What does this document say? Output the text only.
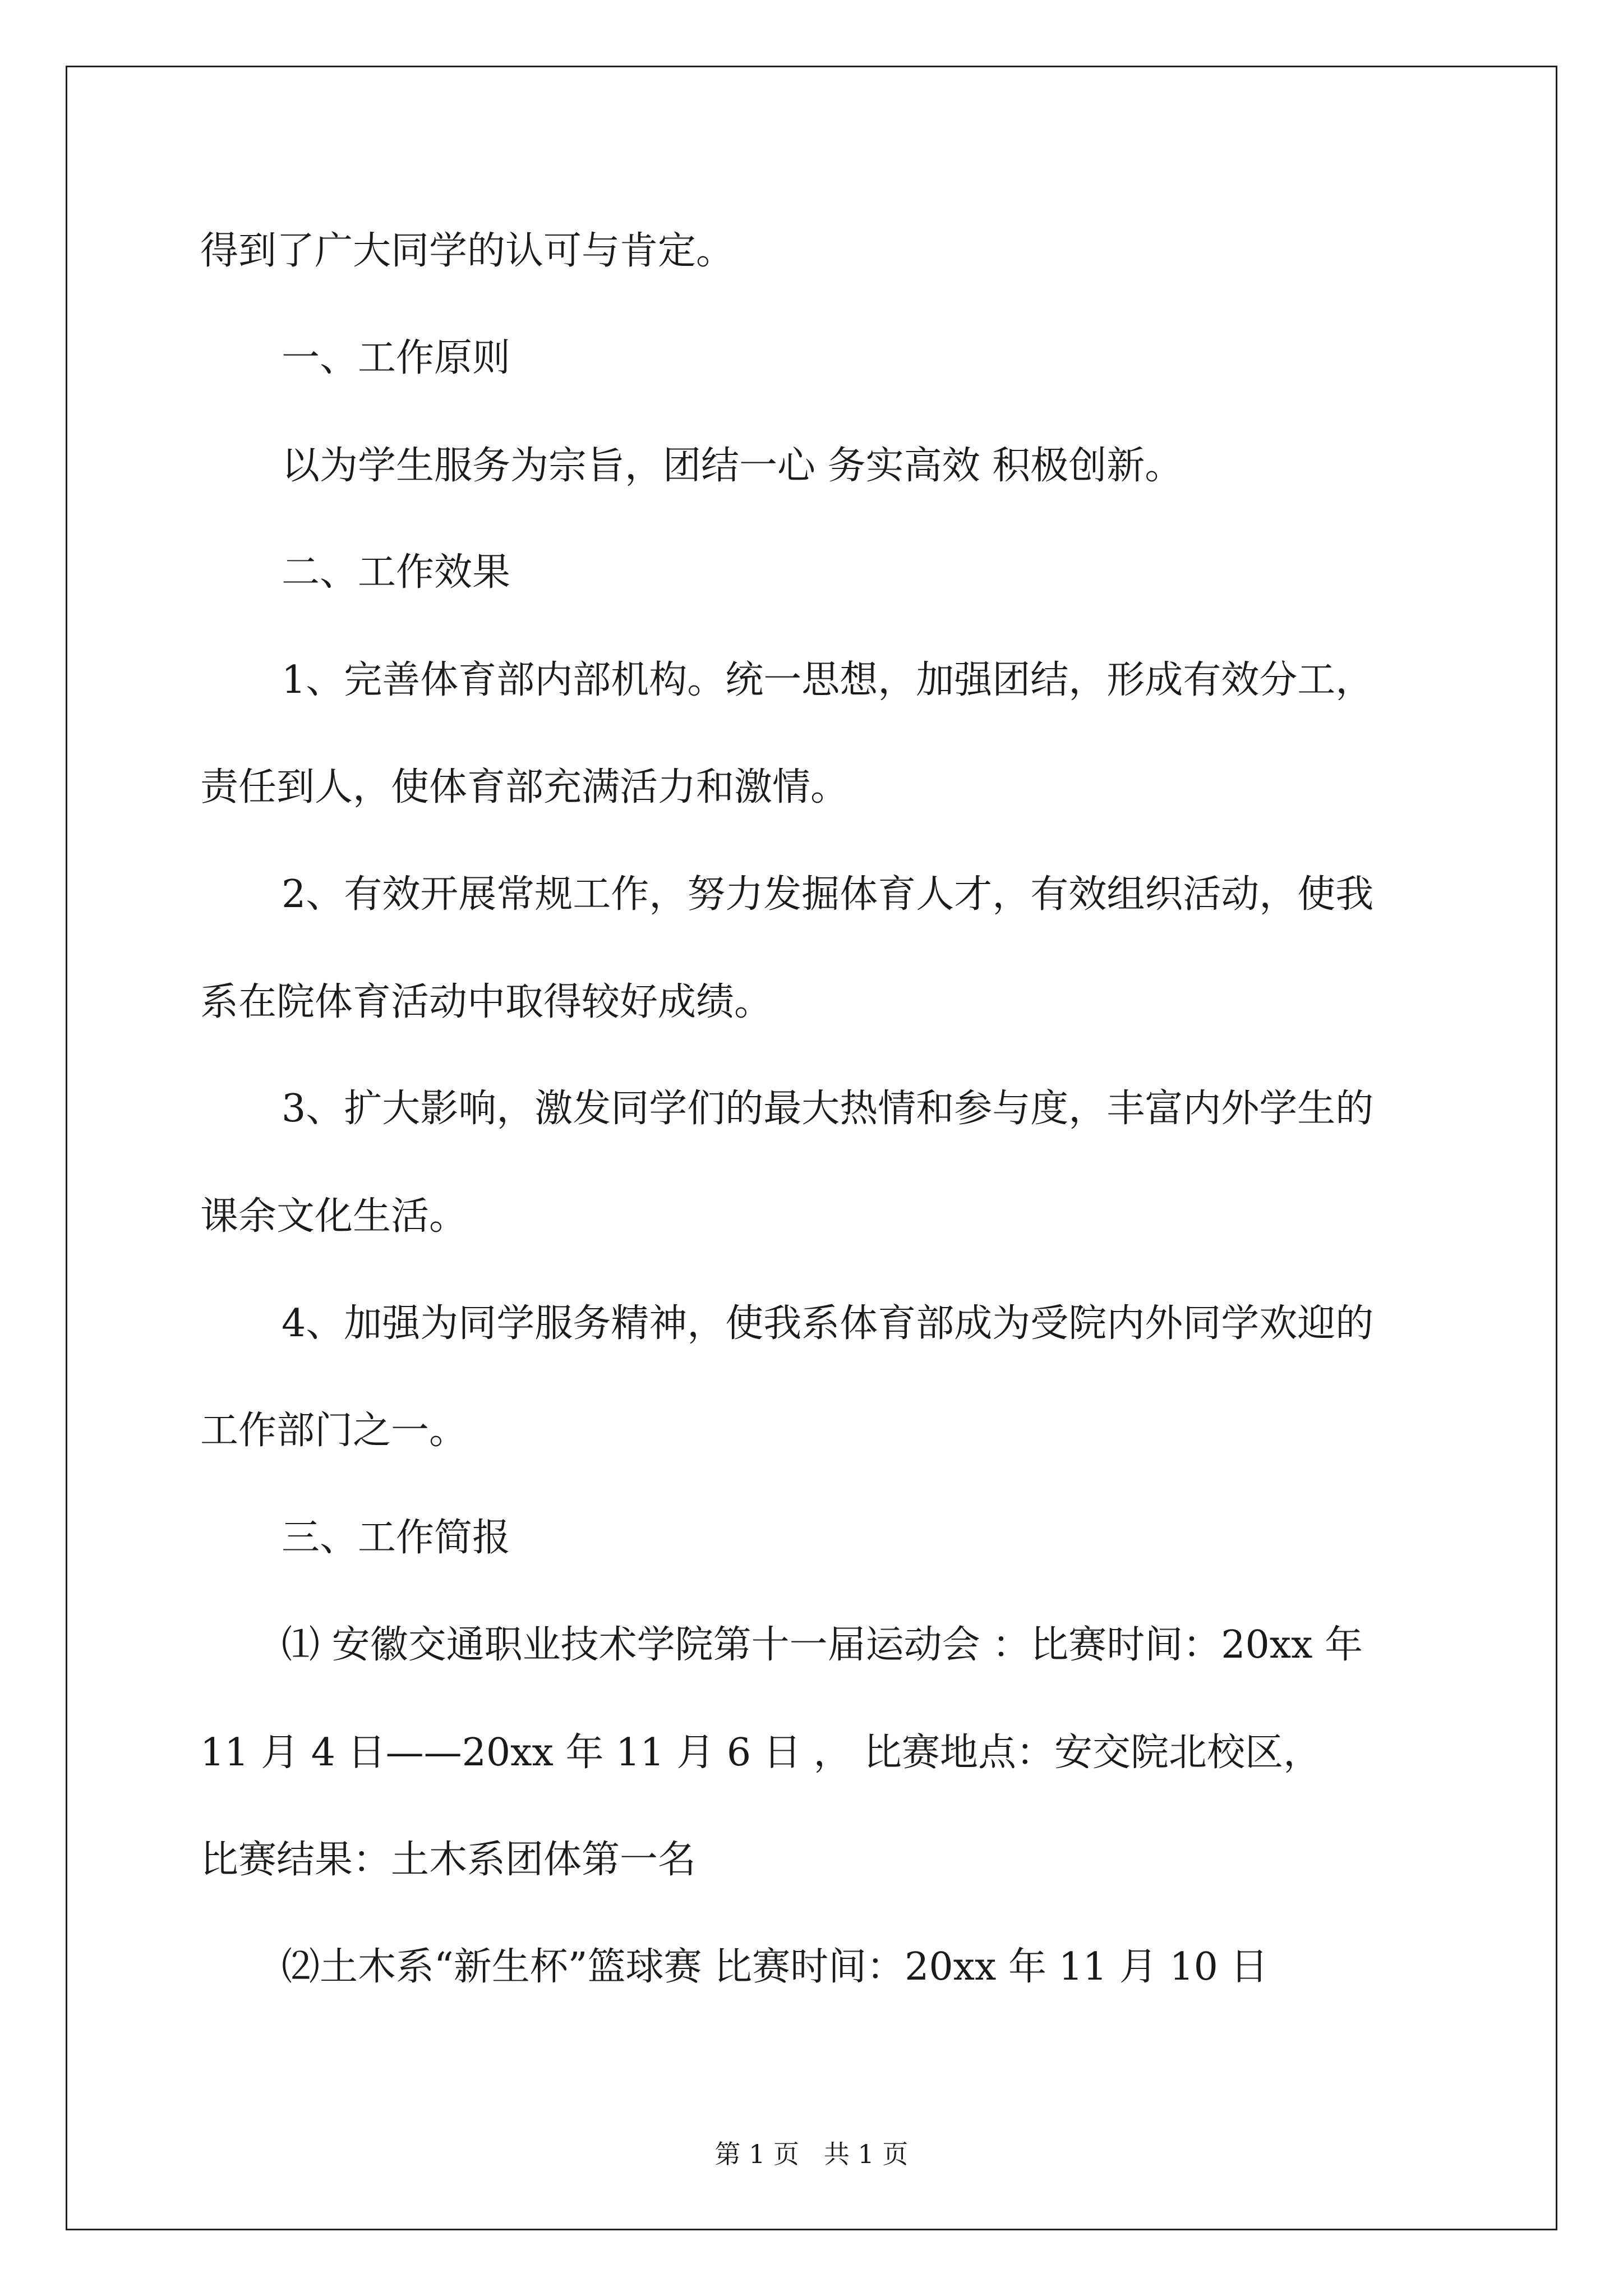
得到了广大同学的认可与肯定。
一、工作原则
以为学生服务为宗旨，团结一心 务实高效 积极创新。
二、工作效果
1、完善体育部内部机构。统一思想，加强团结，形成有效分工，
责任到人，使体育部充满活力和激情。
2、有效开展常规工作，努力发掘体育人才，有效组织活动，使我
系在院体育活动中取得较好成绩。
3、扩大影响，激发同学们的最大热情和参与度，丰富内外学生的
课余文化生活。
4、加强为同学服务精神，使我系体育部成为受院内外同学欢迎的
工作部门之一。
三、工作简报
⑴ 安徽交通职业技术学院第十一届运动会 ：比赛时间：20xx 年
11 月 4 日——20xx 年 11 月 6 日 ， 比赛地点：安交院北校区，
比赛结果：土木系团体第一名
⑵土木系“新生杯”篮球赛 比赛时间：20xx 年 11 月 10 日
第 1 页   共 1 页
